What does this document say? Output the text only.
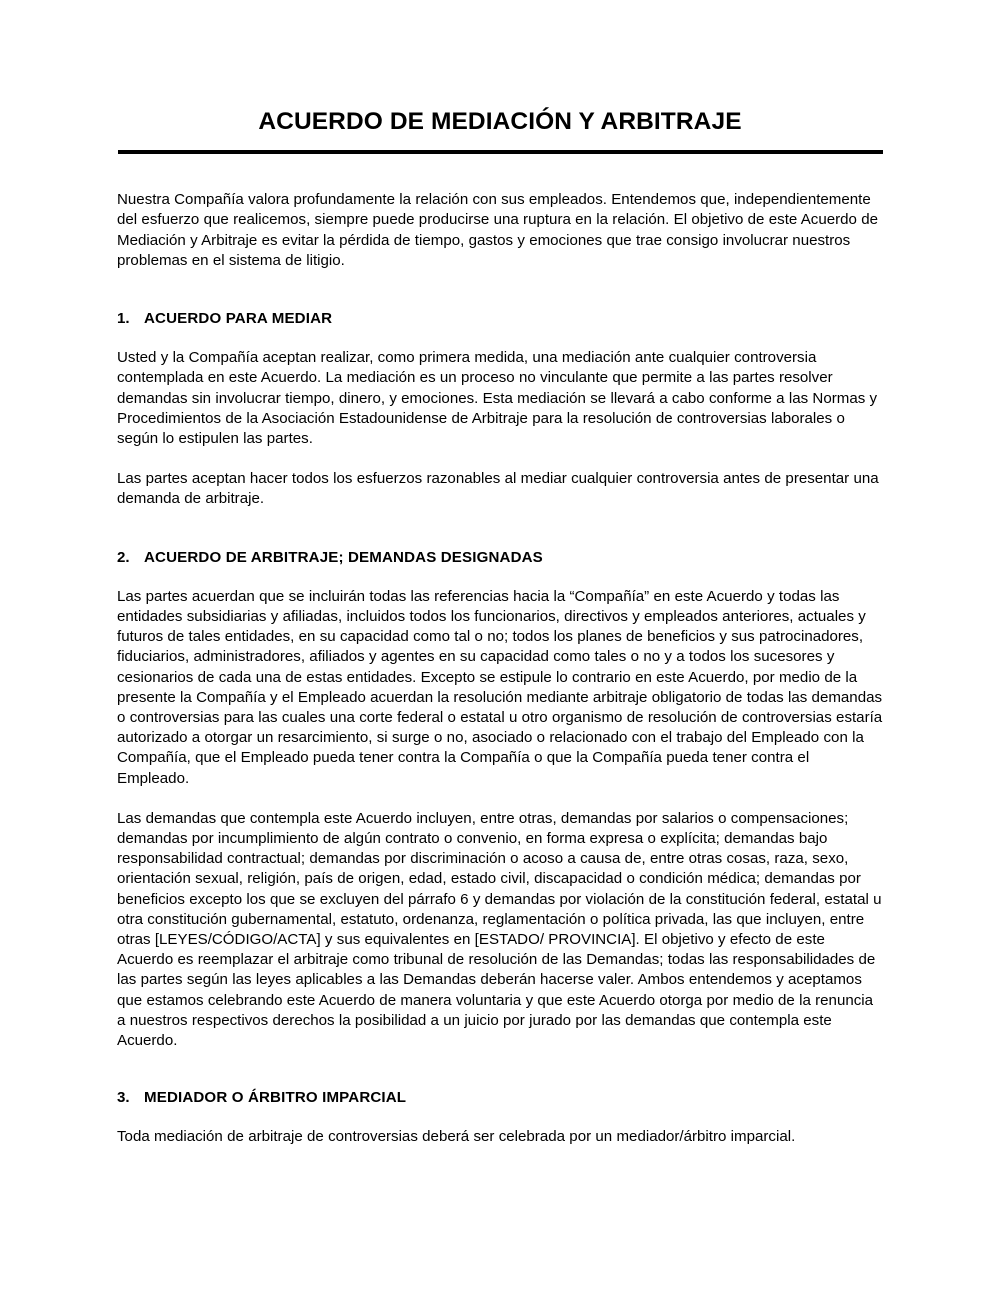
ACUERDO DE MEDIACIÓN Y ARBITRAJE

Nuestra Compañía valora profundamente la relación con sus empleados. Entendemos que, independientemente del esfuerzo que realicemos, siempre puede producirse una ruptura en la relación. El objetivo de este Acuerdo de Mediación y Arbitraje es evitar la pérdida de tiempo, gastos y emociones que trae consigo involucrar nuestros problemas en el sistema de litigio.

1. ACUERDO PARA MEDIAR

Usted y la Compañía aceptan realizar, como primera medida, una mediación ante cualquier controversia contemplada en este Acuerdo. La mediación es un proceso no vinculante que permite a las partes resolver demandas sin involucrar tiempo, dinero, y emociones. Esta mediación se llevará a cabo conforme a las Normas y Procedimientos de la Asociación Estadounidense de Arbitraje para la resolución de controversias laborales o según lo estipulen las partes.

Las partes aceptan hacer todos los esfuerzos razonables al mediar cualquier controversia antes de presentar una demanda de arbitraje.

2. ACUERDO DE ARBITRAJE; DEMANDAS DESIGNADAS

Las partes acuerdan que se incluirán todas las referencias hacia la “Compañía” en este Acuerdo y todas las entidades subsidiarias y afiliadas, incluidos todos los funcionarios, directivos y empleados anteriores, actuales y futuros de tales entidades, en su capacidad como tal o no; todos los planes de beneficios y sus patrocinadores, fiduciarios, administradores, afiliados y agentes en su capacidad como tales o no y a todos los sucesores y cesionarios de cada una de estas entidades. Excepto se estipule lo contrario en este Acuerdo, por medio de la presente la Compañía y el Empleado acuerdan la resolución mediante arbitraje obligatorio de todas las demandas o controversias para las cuales una corte federal o estatal u otro organismo de resolución de controversias estaría autorizado a otorgar un resarcimiento, si surge o no, asociado o relacionado con el trabajo del Empleado con la Compañía, que el Empleado pueda tener contra la Compañía o que la Compañía pueda tener contra el Empleado.

Las demandas que contempla este Acuerdo incluyen, entre otras, demandas por salarios o compensaciones; demandas por incumplimiento de algún contrato o convenio, en forma expresa o explícita; demandas bajo responsabilidad contractual; demandas por discriminación o acoso a causa de, entre otras cosas, raza, sexo, orientación sexual, religión, país de origen, edad, estado civil, discapacidad o condición médica; demandas por beneficios excepto los que se excluyen del párrafo 6 y demandas por violación de la constitución federal, estatal u otra constitución gubernamental, estatuto, ordenanza, reglamentación o política privada, las que incluyen, entre otras [LEYES/CÓDIGO/ACTA] y sus equivalentes en [ESTADO/ PROVINCIA]. El objetivo y efecto de este Acuerdo es reemplazar el arbitraje como tribunal de resolución de las Demandas; todas las responsabilidades de las partes según las leyes aplicables a las Demandas deberán hacerse valer. Ambos entendemos y aceptamos que estamos celebrando este Acuerdo de manera voluntaria y que este Acuerdo otorga por medio de la renuncia a nuestros respectivos derechos la posibilidad a un juicio por jurado por las demandas que contempla este Acuerdo.

3. MEDIADOR O ÁRBITRO IMPARCIAL

Toda mediación de arbitraje de controversias deberá ser celebrada por un mediador/árbitro imparcial.
